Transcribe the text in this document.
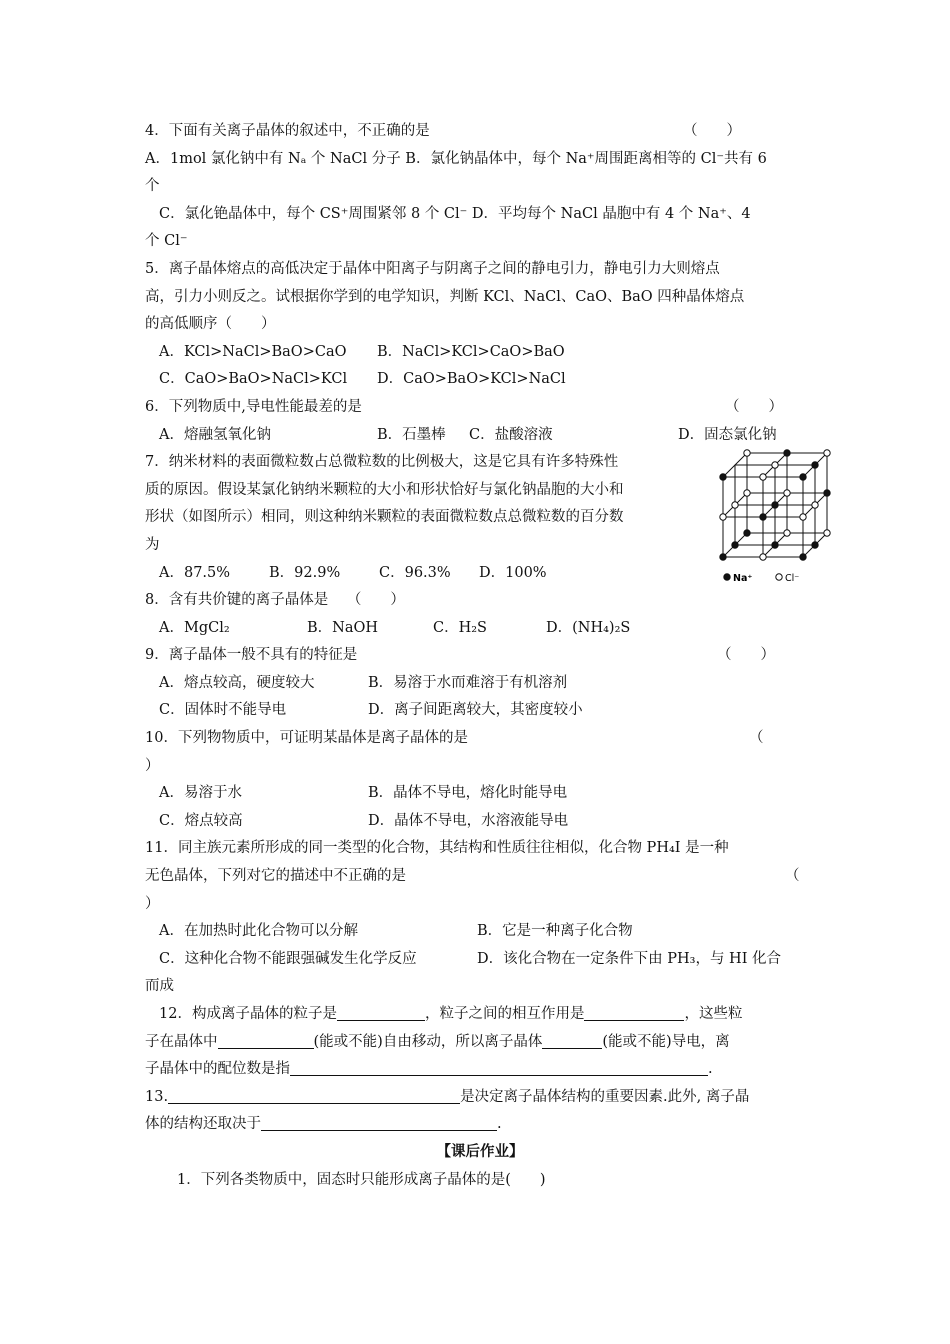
4．下面有关离子晶体的叙述中，不正确的是	（　　）
A．1mol 氯化钠中有 Nₐ 个 NaCl 分子 B．氯化钠晶体中，每个 Na⁺周围距离相等的 Cl⁻共有 6
个
C．氯化铯晶体中，每个 CS⁺周围紧邻 8 个 Cl⁻ D．平均每个 NaCl 晶胞中有 4 个 Na⁺、4
个 Cl⁻
5．离子晶体熔点的高低决定于晶体中阳离子与阴离子之间的静电引力，静电引力大则熔点
高，引力小则反之。试根据你学到的电学知识，判断 KCl、NaCl、CaO、BaO 四种晶体熔点
的高低顺序（　　）
A．KCl>NaCl>BaO>CaO B．NaCl>KCl>CaO>BaO
C．CaO>BaO>NaCl>KCl D．CaO>BaO>KCl>NaCl
6．下列物质中,导电性能最差的是	（　　）
A．熔融氢氧化钠	B．石墨棒 C．盐酸溶液	D．固态氯化钠
7．纳米材料的表面微粒数占总微粒数的比例极大，这是它具有许多特殊性
质的原因。假设某氯化钠纳米颗粒的大小和形状恰好与氯化钠晶胞的大小和
形状（如图所示）相同，则这种纳米颗粒的表面微粒数点总微粒数的百分数
为
A．87.5%	B．92.9%	C．96.3% D．100%	Na⁺	Cl⁻
8．含有共价键的离子晶体是 （　　）
A．MgCl₂	B．NaOH	C．H₂S	D．(NH₄)₂S
9．离子晶体一般不具有的特征是	（　　）
A．熔点较高，硬度较大	B．易溶于水而难溶于有机溶剂
C．固体时不能导电	D．离子间距离较大，其密度较小
10．下列物物质中，可证明某晶体是离子晶体的是	（
）
A．易溶于水	B．晶体不导电，熔化时能导电
C．熔点较高	D．晶体不导电，水溶液能导电
11．同主族元素所形成的同一类型的化合物，其结构和性质往往相似，化合物 PH₄I 是一种
无色晶体，下列对它的描述中不正确的是	（
）
A．在加热时此化合物可以分解	B．它是一种离子化合物
C．这种化合物不能跟强碱发生化学反应	D．该化合物在一定条件下由 PH₃，与 HI 化合
而成
12．构成离子晶体的粒子是	，粒子之间的相互作用是	，这些粒
子在晶体中	(能或不能)自由移动，所以离子晶体	(能或不能)导电，离
子晶体中的配位数是指	.
13.	是决定离子晶体结构的重要因素.此外, 离子晶
体的结构还取决于	.
【课后作业】
1．下列各类物质中，固态时只能形成离子晶体的是(　　)
